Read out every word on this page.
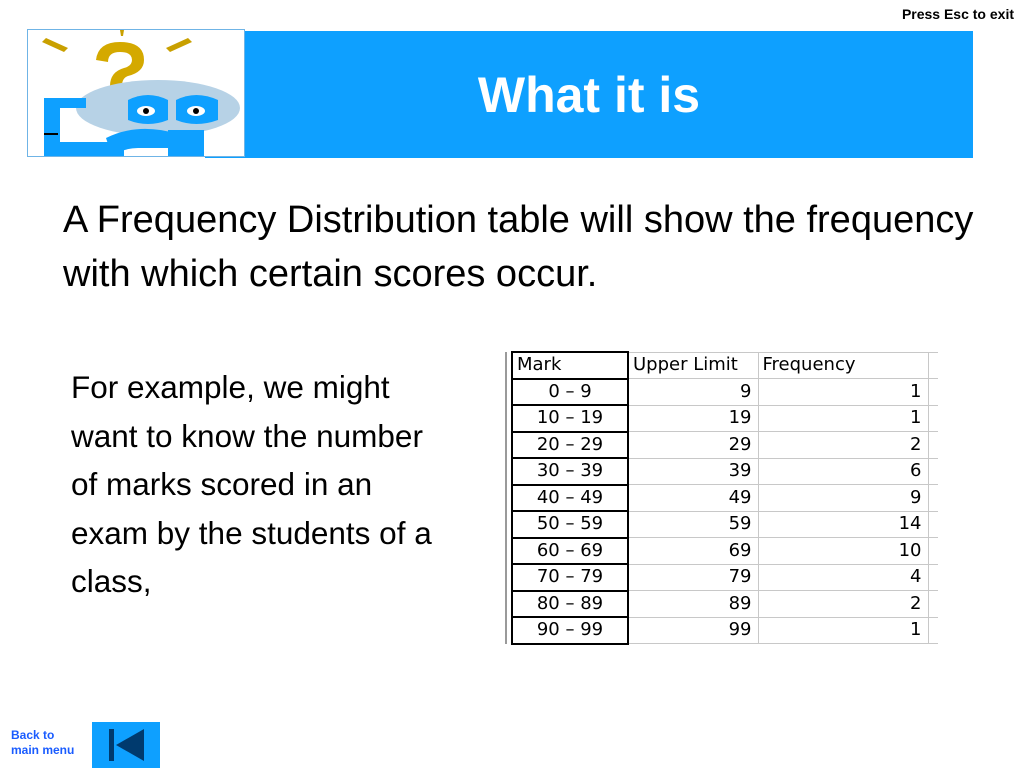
Press Esc to exit
What it is
A Frequency Distribution table will show the frequency with which certain scores occur.
For example, we might want to know the number of marks scored in an exam by the students of a class,
	Mark	Upper Limit	Frequency	
	0 – 9	9	1	
	10 – 19	19	1	
	20 – 29	29	2	
	30 – 39	39	6	
	40 – 49	49	9	
	50 – 59	59	14	
	60 – 69	69	10	
	70 – 79	79	4	
	80 – 89	89	2	
	90 – 99	99	1	
Back to
main menu
